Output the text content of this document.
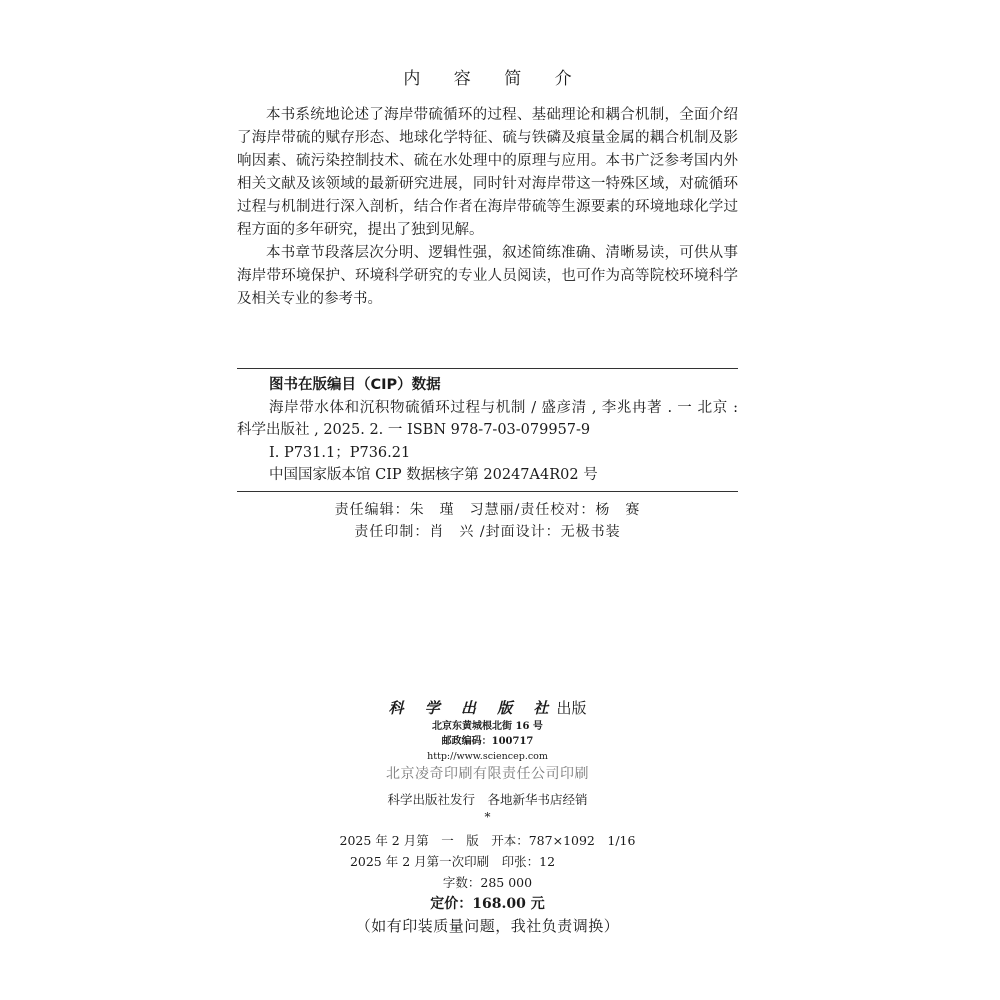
内 容 简 介

本书系统地论述了海岸带硫循环的过程、基础理论和耦合机制，全面介绍了海岸带硫的赋存形态、地球化学特征、硫与铁磷及痕量金属的耦合机制及影响因素、硫污染控制技术、硫在水处理中的原理与应用。本书广泛参考国内外相关文献及该领域的最新研究进展，同时针对海岸带这一特殊区域，对硫循环过程与机制进行深入剖析，结合作者在海岸带硫等生源要素的环境地球化学过程方面的多年研究，提出了独到见解。

本书章节段落层次分明、逻辑性强，叙述简练准确、清晰易读，可供从事海岸带环境保护、环境科学研究的专业人员阅读，也可作为高等院校环境科学及相关专业的参考书。

图书在版编目（CIP）数据
海岸带水体和沉积物硫循环过程与机制 / 盛彦清 , 李兆冉著 . 一 北京 :
科学出版社 , 2025. 2. 一 ISBN 978-7-03-079957-9
Ⅰ. P731.1；P736.21
中国国家版本馆 CIP 数据核字第 20247A4R02 号
责任编辑：朱　瑾　习慧丽/责任校对：杨　赛
责任印制：肖　兴 /封面设计：无极书装
科 学 出 版 社出版
北京东黄城根北街 16 号
邮政编码：100717
http://www.sciencep.com
北京凌奇印刷有限责任公司印刷
科学出版社发行　各地新华书店经销
*
2025 年 2 月第　一　版　 开本：787×1092　1/16
2025 年 2 月第一次印刷　 印张：12
字数：285 000
定价：168.00 元
（如有印装质量问题，我社负责调换）
